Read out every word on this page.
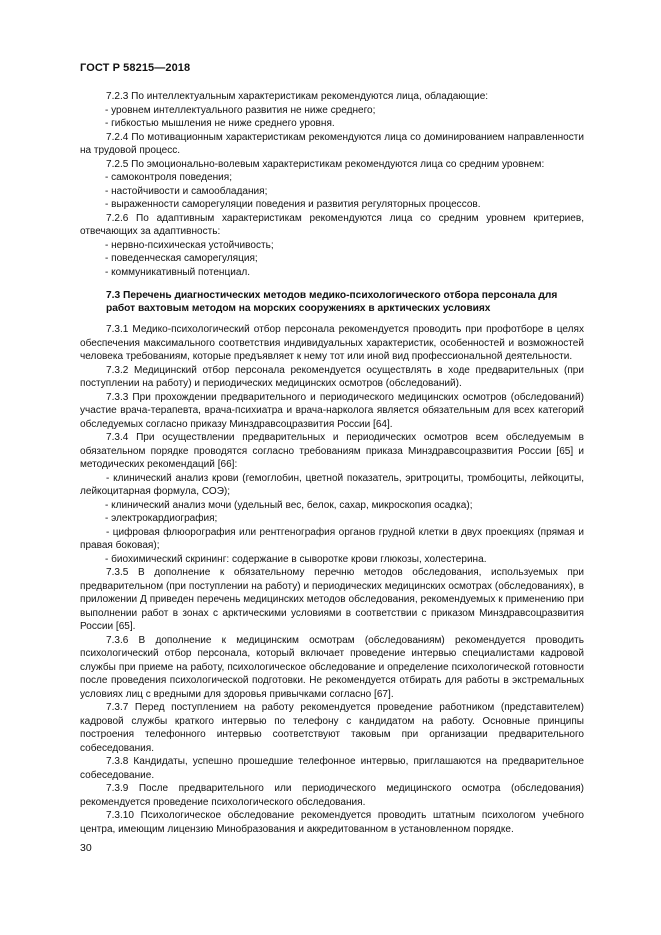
ГОСТ Р 58215—2018

7.2.3 По интеллектуальным характеристикам рекомендуются лица, обладающие:

- уровнем интеллектуального развития не ниже среднего;

- гибкостью мышления не ниже среднего уровня.

7.2.4 По мотивационным характеристикам рекомендуются лица со доминированием направленности на трудовой процесс.

7.2.5 По эмоционально-волевым характеристикам рекомендуются лица со средним уровнем:

- самоконтроля поведения;

- настойчивости и самообладания;

- выраженности саморегуляции поведения и развития регуляторных процессов.

7.2.6 По адаптивным характеристикам рекомендуются лица со средним уровнем критериев, отвечающих за адаптивность:

- нервно-психическая устойчивость;

- поведенческая саморегуляция;

- коммуникативный потенциал.

7.3 Перечень диагностических методов медико-психологического отбора персонала для работ вахтовым методом на морских сооружениях в арктических условиях

7.3.1 Медико-психологический отбор персонала рекомендуется проводить при профотборе в целях обеспечения максимального соответствия индивидуальных характеристик, особенностей и возможностей человека требованиям, которые предъявляет к нему тот или иной вид профессиональной деятельности.

7.3.2 Медицинский отбор персонала рекомендуется осуществлять в ходе предварительных (при поступлении на работу) и периодических медицинских осмотров (обследований).

7.3.3 При прохождении предварительного и периодического медицинских осмотров (обследований) участие врача-терапевта, врача-психиатра и врача-нарколога является обязательным для всех категорий обследуемых согласно приказу Минздравсоцразвития России [64].

7.3.4 При осуществлении предварительных и периодических осмотров всем обследуемым в обязательном порядке проводятся согласно требованиям приказа Минздравсоцразвития России [65] и методических рекомендаций [66]:

- клинический анализ крови (гемоглобин, цветной показатель, эритроциты, тромбоциты, лейкоциты, лейкоцитарная формула, СОЭ);

- клинический анализ мочи (удельный вес, белок, сахар, микроскопия осадка);

- электрокардиография;

- цифровая флюорография или рентгенография органов грудной клетки в двух проекциях (прямая и правая боковая);

- биохимический скрининг: содержание в сыворотке крови глюкозы, холестерина.

7.3.5 В дополнение к обязательному перечню методов обследования, используемых при предварительном (при поступлении на работу) и периодических медицинских осмотрах (обследованиях), в приложении Д приведен перечень медицинских методов обследования, рекомендуемых к применению при выполнении работ в зонах с арктическими условиями в соответствии с приказом Минздравсоцразвития России [65].

7.3.6 В дополнение к медицинским осмотрам (обследованиям) рекомендуется проводить психологический отбор персонала, который включает проведение интервью специалистами кадровой службы при приеме на работу, психологическое обследование и определение психологической готовности после проведения психологической подготовки. Не рекомендуется отбирать для работы в экстремальных условиях лиц с вредными для здоровья привычками согласно [67].

7.3.7 Перед поступлением на работу рекомендуется проведение работником (представителем) кадровой службы краткого интервью по телефону с кандидатом на работу. Основные принципы построения телефонного интервью соответствуют таковым при организации предварительного собеседования.

7.3.8 Кандидаты, успешно прошедшие телефонное интервью, приглашаются на предварительное собеседование.

7.3.9 После предварительного или периодического медицинского осмотра (обследования) рекомендуется проведение психологического обследования.

7.3.10 Психологическое обследование рекомендуется проводить штатным психологом учебного центра, имеющим лицензию Минобразования и аккредитованном в установленном порядке.

30
